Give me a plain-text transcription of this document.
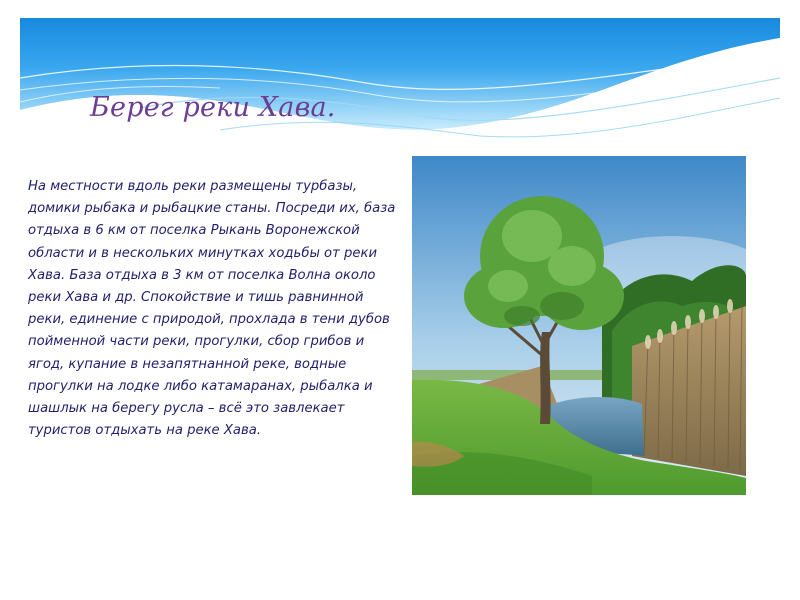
Берег реки Хава.

На местности вдоль реки размещены турбазы, домики рыбака и рыбацкие станы. Посреди их, база отдыха в 6 км от поселка Рыкань Воронежской области и в нескольких минутках ходьбы от реки Хава. База отдыха в 3 км от поселка Волна около реки Хава и др. Спокойствие и тишь равнинной реки, единение с природой, прохлада в тени дубов пойменной части реки, прогулки, сбор грибов и ягод, купание в незапятнанной реке, водные прогулки на лодке либо катамаранах, рыбалка и шашлык на берегу русла – всё это завлекает туристов отдыхать на реке Хава.
